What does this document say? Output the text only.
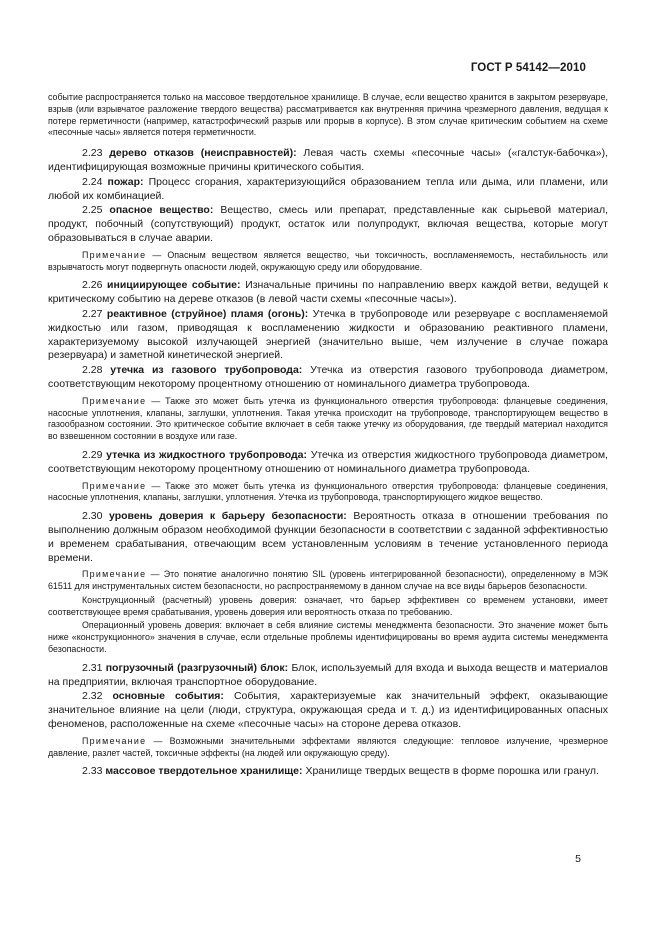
ГОСТ Р 54142—2010

событие распространяется только на массовое твердотельное хранилище. В случае, если вещество хранится в закрытом резервуаре, взрыв (или взрывчатое разложение твердого вещества) рассматривается как внутренняя причина чрезмерного давления, ведущая к потере герметичности (например, катастрофический разрыв или прорыв в корпусе). В этом случае критическим событием на схеме «песочные часы» является потеря герметичности.

2.23 дерево отказов (неисправностей): Левая часть схемы «песочные часы» («галстук-бабочка»), идентифицирующая возможные причины критического события.

2.24 пожар: Процесс сгорания, характеризующийся образованием тепла или дыма, или пламени, или любой их комбинацией.

2.25 опасное вещество: Вещество, смесь или препарат, представленные как сырьевой материал, продукт, побочный (сопутствующий) продукт, остаток или полупродукт, включая вещества, которые могут образовываться в случае аварии.

Примечание — Опасным веществом является вещество, чьи токсичность, воспламеняемость, нестабильность или взрывчатость могут подвергнуть опасности людей, окружающую среду или оборудование.

2.26 инициирующее событие: Изначальные причины по направлению вверх каждой ветви, ведущей к критическому событию на дереве отказов (в левой части схемы «песочные часы»).

2.27 реактивное (струйное) пламя (огонь): Утечка в трубопроводе или резервуаре с воспламеняемой жидкостью или газом, приводящая к воспламенению жидкости и образованию реактивного пламени, характеризуемому высокой излучающей энергией (значительно выше, чем излучение в случае пожара резервуара) и заметной кинетической энергией.

2.28 утечка из газового трубопровода: Утечка из отверстия газового трубопровода диаметром, соответствующим некоторому процентному отношению от номинального диаметра трубопровода.

Примечание — Также это может быть утечка из функционального отверстия трубопровода: фланцевые соединения, насосные уплотнения, клапаны, заглушки, уплотнения. Такая утечка происходит на трубопроводе, транспортирующем вещество в газообразном состоянии. Это критическое событие включает в себя также утечку из оборудования, где твердый материал находится во взвешенном состоянии в воздухе или газе.

2.29 утечка из жидкостного трубопровода: Утечка из отверстия жидкостного трубопровода диаметром, соответствующим некоторому процентному отношению от номинального диаметра трубопровода.

Примечание — Также это может быть утечка из функционального отверстия трубопровода: фланцевые соединения, насосные уплотнения, клапаны, заглушки, уплотнения. Утечка из трубопровода, транспортирующего жидкое вещество.

2.30 уровень доверия к барьеру безопасности: Вероятность отказа в отношении требования по выполнению должным образом необходимой функции безопасности в соответствии с заданной эффективностью и временем срабатывания, отвечающим всем установленным условиям в течение установленного периода времени.

Примечание — Это понятие аналогично понятию SIL (уровень интегрированной безопасности), определенному в МЭК 61511 для инструментальных систем безопасности, но распространяемому в данном случае на все виды барьеров безопасности.

Конструкционный (расчетный) уровень доверия: означает, что барьер эффективен со временем установки, имеет соответствующее время срабатывания, уровень доверия или вероятность отказа по требованию.

Операционный уровень доверия: включает в себя влияние системы менеджмента безопасности. Это значение может быть ниже «конструкционного» значения в случае, если отдельные проблемы идентифицированы во время аудита системы менеджмента безопасности.

2.31 погрузочный (разгрузочный) блок: Блок, используемый для входа и выхода веществ и материалов на предприятии, включая транспортное оборудование.

2.32 основные события: События, характеризуемые как значительный эффект, оказывающие значительное влияние на цели (люди, структура, окружающая среда и т. д.) из идентифицированных опасных феноменов, расположенные на схеме «песочные часы» на стороне дерева отказов.

Примечание — Возможными значительными эффектами являются следующие: тепловое излучение, чрезмерное давление, разлет частей, токсичные эффекты (на людей или окружающую среду).

2.33 массовое твердотельное хранилище: Хранилище твердых веществ в форме порошка или гранул.

5
